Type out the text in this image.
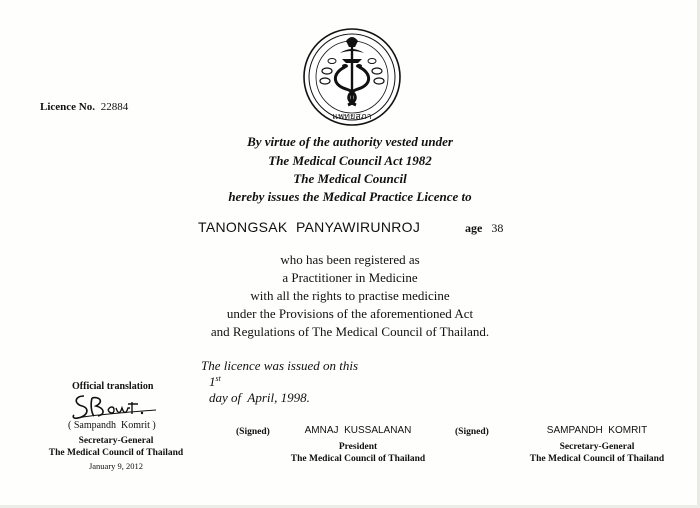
แพทยสภา
Licence No. 22884
By virtue of the authority vested under
The Medical Council Act 1982
The Medical Council
hereby issues the Medical Practice Licence to
TANONGSAK  PANYAWIRUNROJ	age 38
who has been registered as
a Practitioner in Medicine
with all the rights to practise medicine
under the Provisions of the aforementioned Act
and Regulations of The Medical Council of Thailand.

The licence was issued on this
1st
day of  April, 1998.

Official translation
( Sampandh  Komrit )
Secretary-General
The Medical Council of Thailand
January 9, 2012
(Signed)	AMNAJ  KUSSALANAN
President
The Medical Council of Thailand
(Signed)	SAMPANDH  KOMRIT
Secretary-General
The Medical Council of Thailand
